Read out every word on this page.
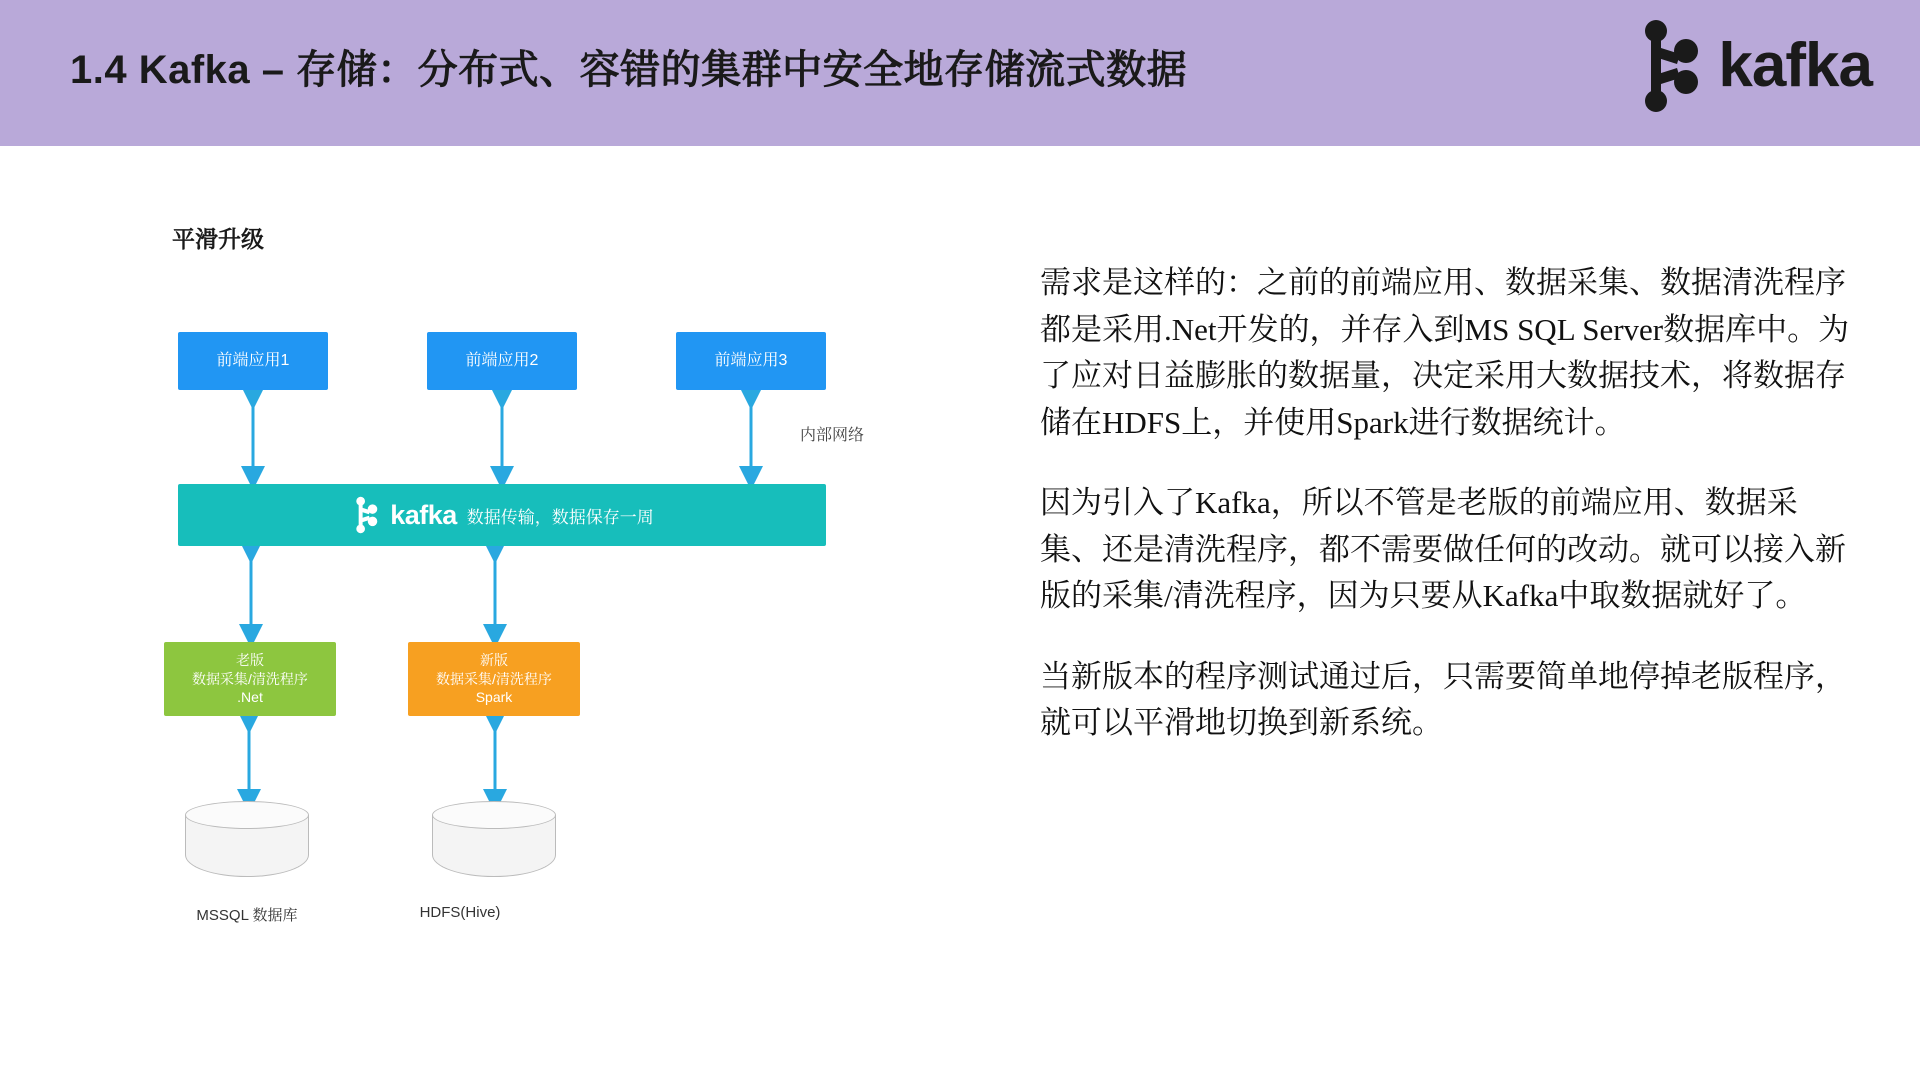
1.4 Kafka – 存储：分布式、容错的集群中安全地存储流式数据	kafka
平滑升级
前端应用1	前端应用2	前端应用3
内部网络
kafka 数据传输，数据保存一周
老版
数据采集/清洗程序
.Net
新版
数据采集/清洗程序
Spark
MSSQL 数据库	HDFS(Hive)

需求是这样的：之前的前端应用、数据采集、数据清洗程序都是采用.Net开发的，并存入到MS SQL Server数据库中。为了应对日益膨胀的数据量，决定采用大数据技术，将数据存储在HDFS上，并使用Spark进行数据统计。

因为引入了Kafka，所以不管是老版的前端应用、数据采集、还是清洗程序，都不需要做任何的改动。就可以接入新版的采集/清洗程序，因为只要从Kafka中取数据就好了。

当新版本的程序测试通过后，只需要简单地停掉老版程序，就可以平滑地切换到新系统。
